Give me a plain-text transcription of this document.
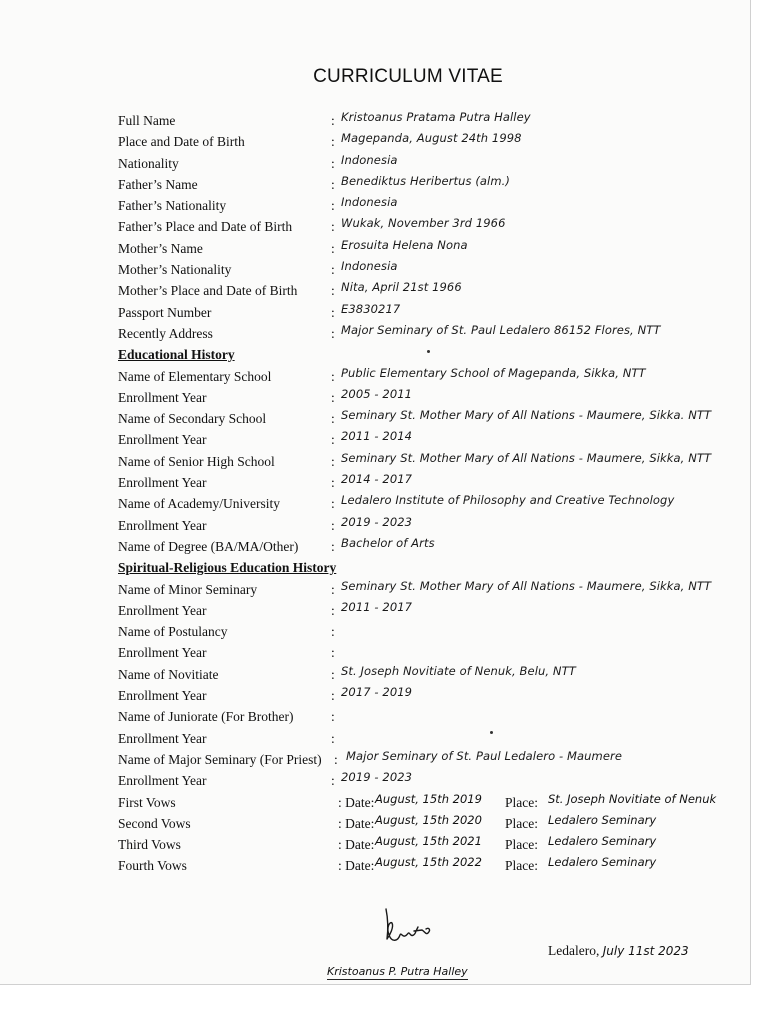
CURRICULUM VITAE
Full Name	: Kristoanus Pratama Putra Halley
Place and Date of Birth	: Magepanda, August 24th 1998
Nationality	: Indonesia
Father’s Name	: Benediktus Heribertus (alm.)
Father’s Nationality	: Indonesia
Father’s Place and Date of Birth	: Wukak, November 3rd 1966
Mother’s Name	: Erosuita Helena Nona
Mother’s Nationality	: Indonesia
Mother’s Place and Date of Birth : Nita, April 21st 1966
Passport Number	: E3830217
Recently Address	: Major Seminary of St. Paul Ledalero 86152 Flores, NTT
Educational History
Name of Elementary School	: Public Elementary School of Magepanda, Sikka, NTT
Enrollment Year	: 2005 - 2011
Name of Secondary School	: Seminary St. Mother Mary of All Nations - Maumere, Sikka. NTT
Enrollment Year	: 2011 - 2014
Name of Senior High School	: Seminary St. Mother Mary of All Nations - Maumere, Sikka, NTT
Enrollment Year	: 2014 - 2017
Name of Academy/University	: Ledalero Institute of Philosophy and Creative Technology
Enrollment Year	: 2019 - 2023
Name of Degree (BA/MA/Other) : Bachelor of Arts
Spiritual-Religious Education History
Name of Minor Seminary	: Seminary St. Mother Mary of All Nations - Maumere, Sikka, NTT
Enrollment Year	: 2011 - 2017
Name of Postulancy	:
Enrollment Year	:
Name of Novitiate	: St. Joseph Novitiate of Nenuk, Belu, NTT
Enrollment Year	: 2017 - 2019
Name of Juniorate (For Brother)	:
Enrollment Year	:
Name of Major Seminary (For Priest) : Major Seminary of St. Paul Ledalero - Maumere
Enrollment Year	: 2019 - 2023
First Vows	: Date: August, 15th 2019 Place: St. Joseph Novitiate of Nenuk
Second Vows	: Date: August, 15th 2020 Place: Ledalero Seminary
Third Vows	: Date: August, 15th 2021 Place: Ledalero Seminary
Fourth Vows	: Date: August, 15th 2022 Place: Ledalero Seminary
Kristoanus P. Putra Halley
Ledalero, July 11st 2023
